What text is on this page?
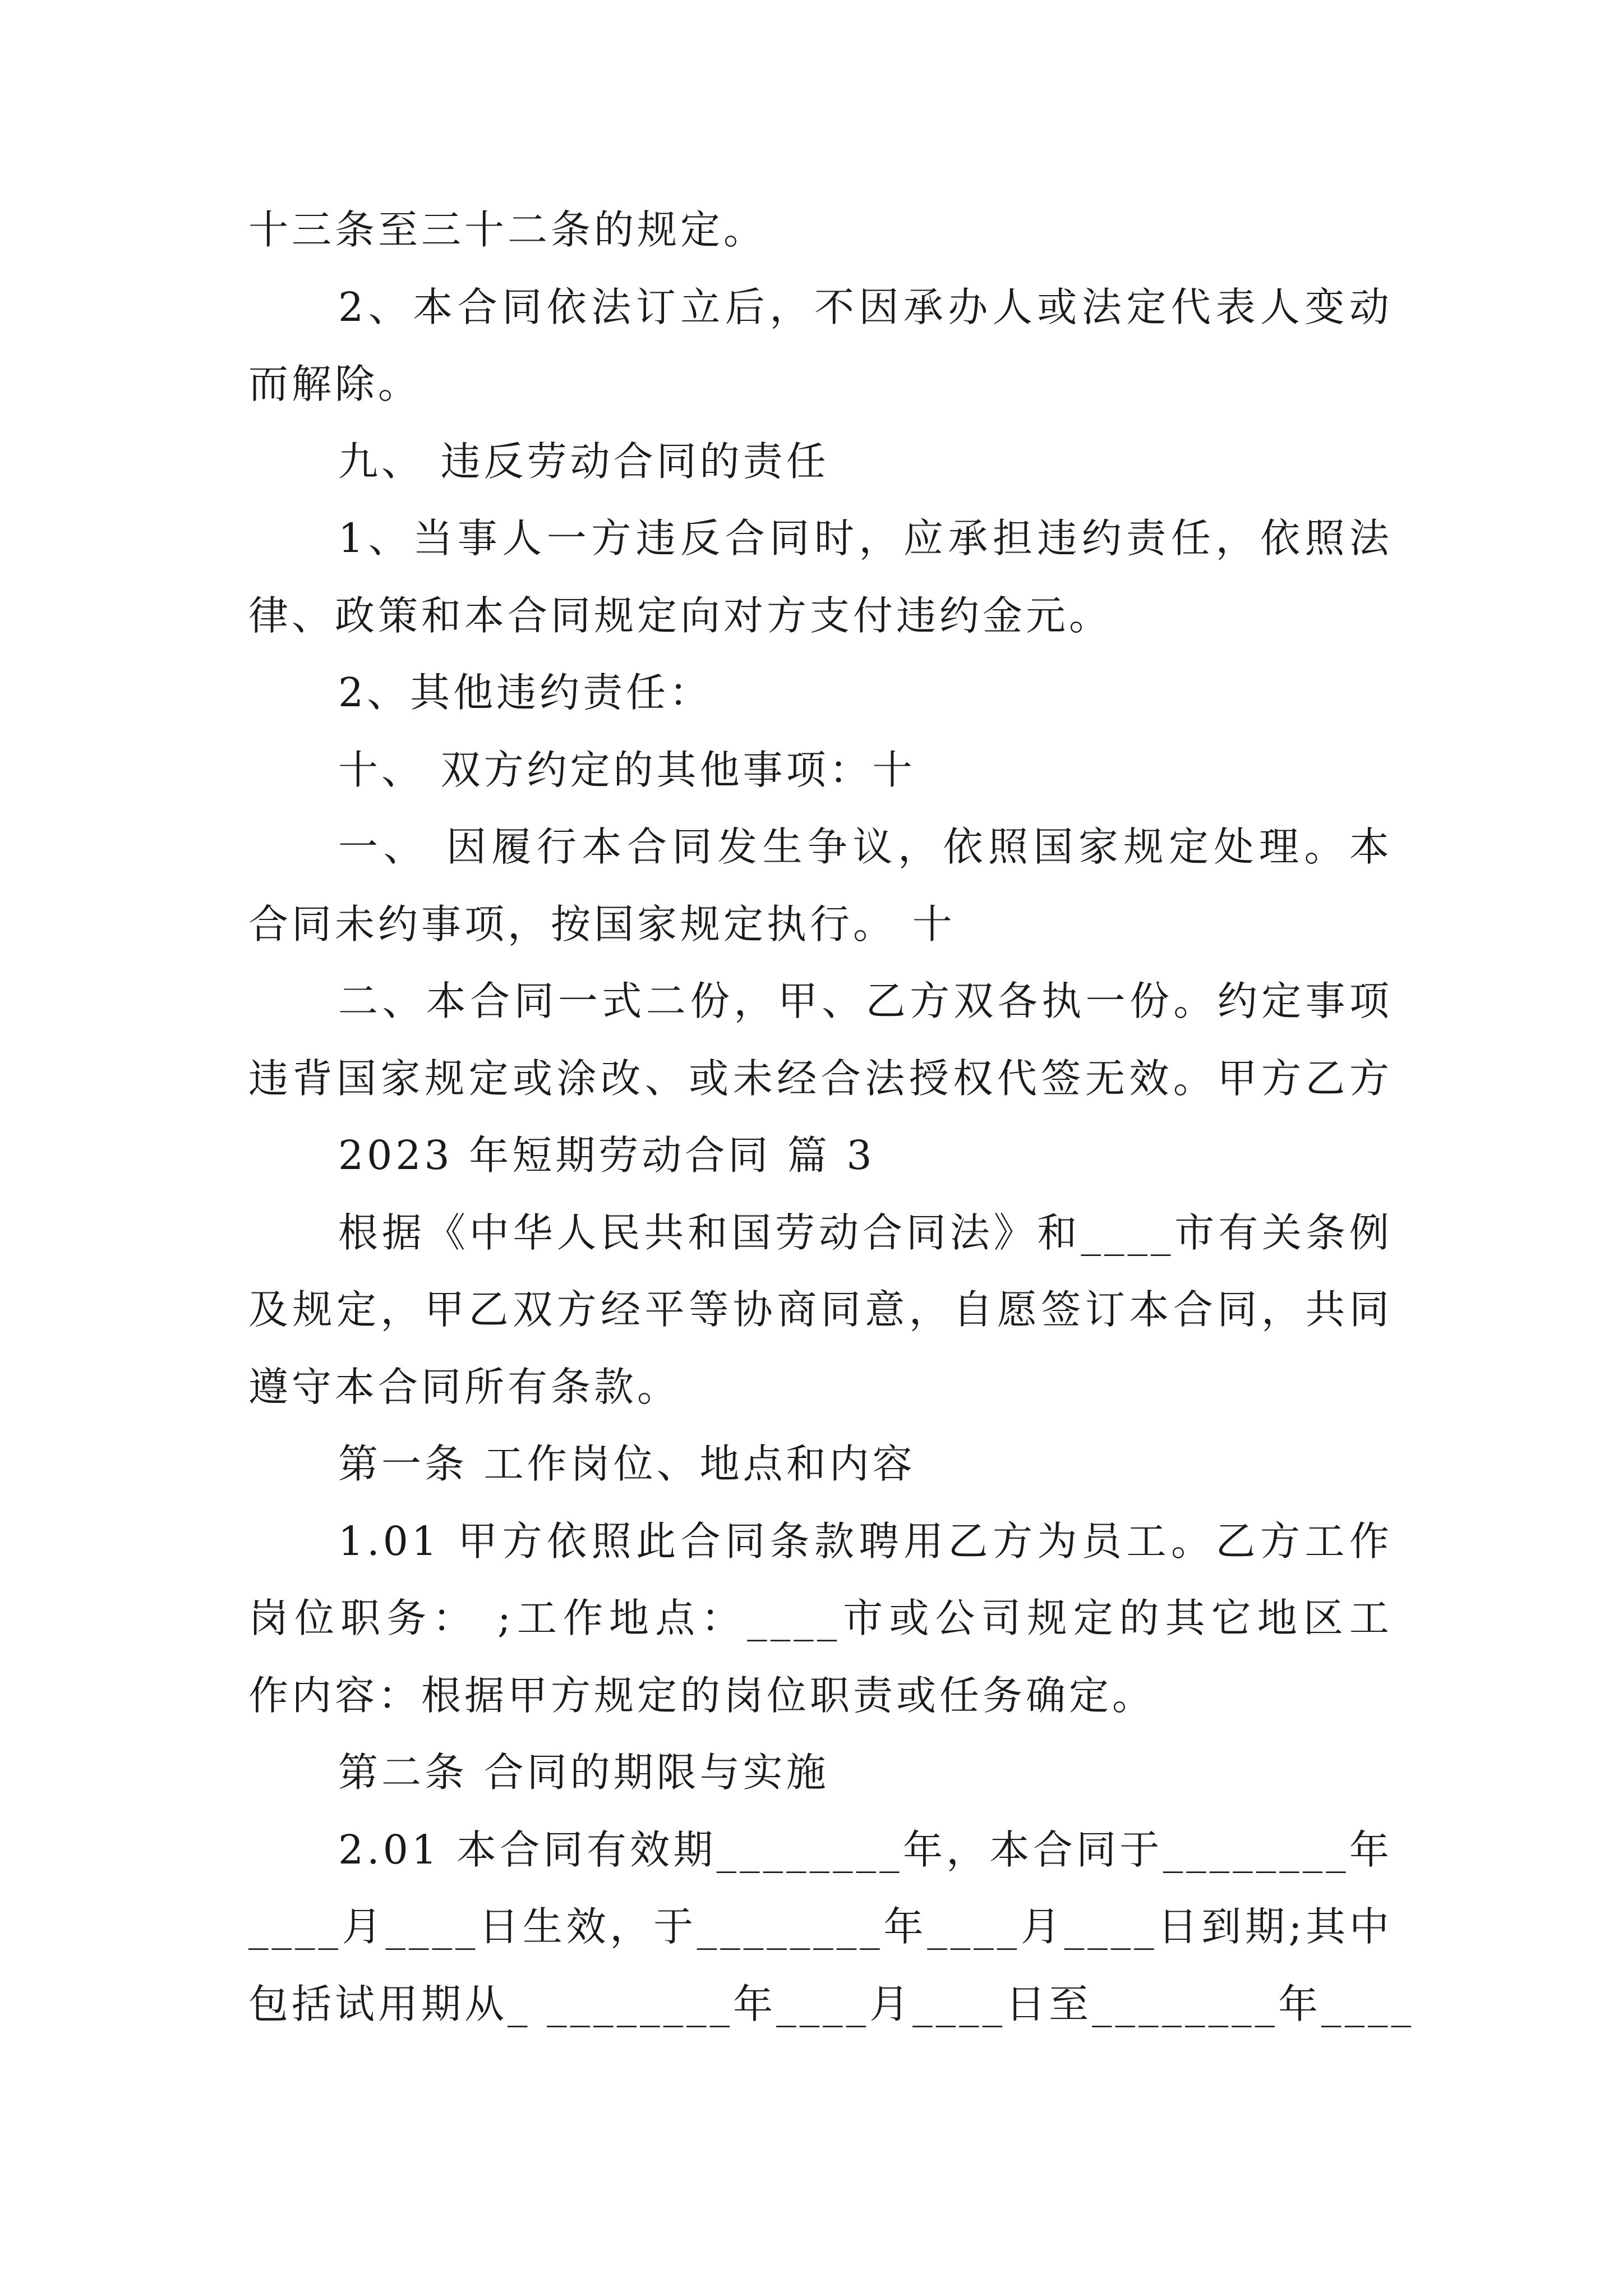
十三条至三十二条的规定。
2、本合同依法订立后，不因承办人或法定代表人变动
而解除。
九、 违反劳动合同的责任
1、当事人一方违反合同时，应承担违约责任，依照法
律、政策和本合同规定向对方支付违约金元。
2、其他违约责任：
十、 双方约定的其他事项：十
一、 因履行本合同发生争议，依照国家规定处理。本
合同未约事项，按国家规定执行。 十
二、本合同一式二份，甲、乙方双各执一份。约定事项
违背国家规定或涂改、或未经合法授权代签无效。甲方乙方
2023 年短期劳动合同 篇 3
根据《中华人民共和国劳动合同法》和____市有关条例
及规定，甲乙双方经平等协商同意，自愿签订本合同，共同
遵守本合同所有条款。
第一条 工作岗位、地点和内容
1.01 甲方依照此合同条款聘用乙方为员工。乙方工作
岗位职务： ;工作地点：____市或公司规定的其它地区工
作内容：根据甲方规定的岗位职责或任务确定。
第二条 合同的期限与实施
2.01 本合同有效期________年，本合同于________年
____月____日生效，于________年____月____日到期;其中
包括试用期从_ ________年____月____日至________年____
